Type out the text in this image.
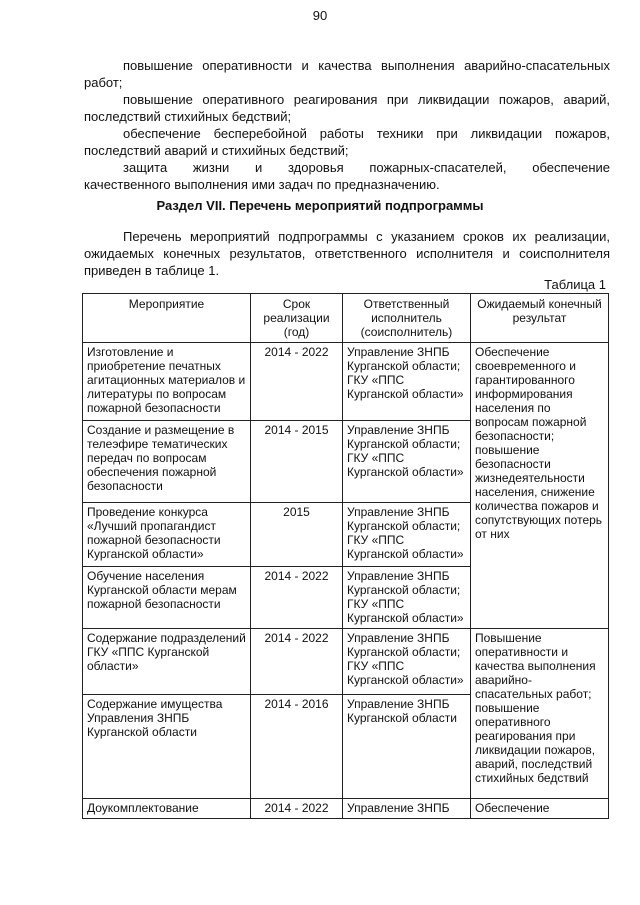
90
повышение оперативности и качества выполнения аварийно-спасательных
работ;
повышение оперативного реагирования при ликвидации пожаров, аварий,
последствий стихийных бедствий;
обеспечение бесперебойной работы техники при ликвидации пожаров,
последствий аварий и стихийных бедствий;
защита жизни и здоровья пожарных-спасателей, обеспечение
качественного выполнения ими задач по предназначению.
Раздел VII. Перечень мероприятий подпрограммы

Перечень мероприятий подпрограммы с указанием сроков их реализации, ожидаемых конечных результатов, ответственного исполнителя и соисполнителя приведен в таблице 1.

Таблица 1
Мероприятие	Срок реализации (год)	Ответственный исполнитель (соисполнитель)	Ожидаемый конечный результат
Изготовление и приобретение печатных агитационных материалов и литературы по вопросам пожарной безопасности	2014 - 2022	Управление ЗНПБ Курганской области; ГКУ «ППС Курганской области»	Обеспечение своевременного и гарантированного информирования населения по вопросам пожарной безопасности; повышение безопасности жизнедеятельности населения, снижение количества пожаров и сопутствующих потерь от них
Создание и размещение в телеэфире тематических передач по вопросам обеспечения пожарной безопасности	2014 - 2015	Управление ЗНПБ Курганской области; ГКУ «ППС Курганской области»	
Проведение конкурса «Лучший пропагандист пожарной безопасности Курганской области»	2015	Управление ЗНПБ Курганской области; ГКУ «ППС Курганской области»	
Обучение населения Курганской области мерам пожарной безопасности	2014 - 2022	Управление ЗНПБ Курганской области; ГКУ «ППС Курганской области»	
Содержание подразделений ГКУ «ППС Курганской области»	2014 - 2022	Управление ЗНПБ Курганской области; ГКУ «ППС Курганской области»	Повышение оперативности и качества выполнения аварийно-спасательных работ; повышение оперативного реагирования при ликвидации пожаров, аварий, последствий стихийных бедствий
Содержание имущества Управления ЗНПБ Курганской области	2014 - 2016	Управление ЗНПБ Курганской области	
Доукомплектование	2014 - 2022	Управление ЗНПБ	Обеспечение
